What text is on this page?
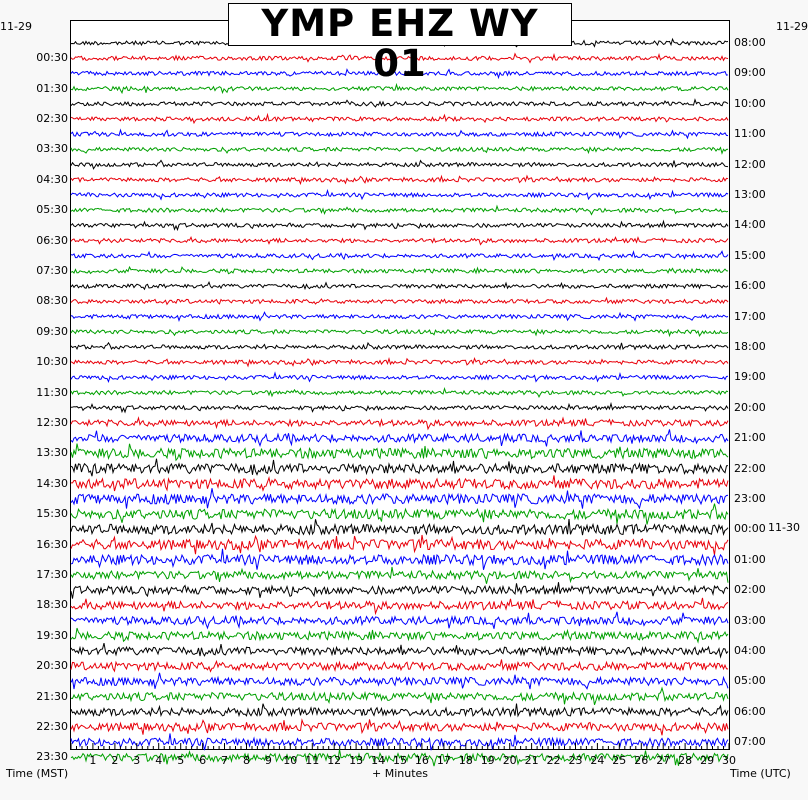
YMP EHZ WY 01
11-29	11-29
00:30
01:30
02:30
03:30
04:30
05:30
06:30
07:30
08:30
09:30
10:30
11:30
12:30
13:30
14:30
15:30
16:30
17:30
18:30
19:30
20:30
21:30
22:30
23:30
08:00
09:00
10:00
11:00
12:00
13:00
14:00
15:00
16:00
17:00
18:00
19:00
20:00
21:00
22:00
23:00
00:00
01:00
02:00
03:00
04:00
05:00
06:00
07:00
11-30
1	2	3	4	5	6	7	8	9	10 11 12 13 14 15 16 17 18 19 20 21 22 23 24 25 26 27 28 29 30
Time (MST)	+ Minutes	Time (UTC)
